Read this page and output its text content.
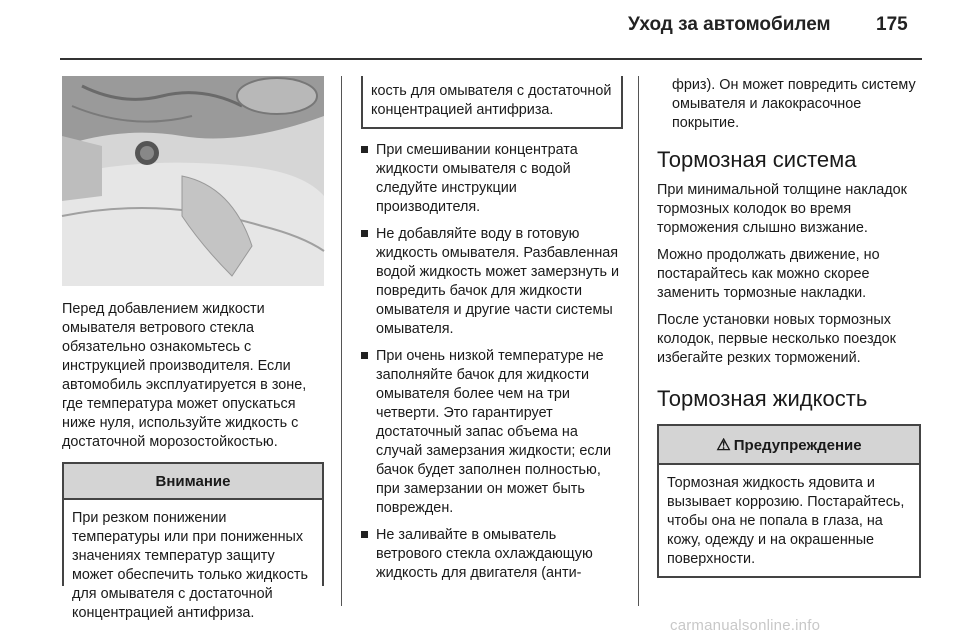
Уход за автомобилем 175

Перед добавлением жидкости омывателя ветрового стекла обязательно ознакомьтесь с инструкцией производителя. Если автомобиль эксплуатируется в зоне, где температура может опускаться ниже нуля, используйте жидкость с достаточной морозостойкостью.

Внимание
При резком понижении температуры или при пониженных значениях температур защиту может обеспечить только жидкость для омывателя с достаточной концентрацией антифриза.
кость для омывателя с достаточной концентрацией антифриза.
При смешивании концентрата жидкости омывателя с водой следуйте инструкции производителя.
Не добавляйте воду в готовую жидкость омывателя. Разбавленная водой жидкость может замерзнуть и повредить бачок для жидкости омывателя и другие части системы омывателя.
При очень низкой температуре не заполняйте бачок для жидкости омывателя более чем на три четверти. Это гарантирует достаточный запас объема на случай замерзания жидкости; если бачок будет заполнен полностью, при замерзании он может быть поврежден.
Не заливайте в омыватель ветрового стекла охлаждающую жидкость для двигателя (анти-

фриз). Он может повредить систему омывателя и лакокрасочное покрытие.

Тормозная система

При минимальной толщине накладок тормозных колодок во время торможения слышно визжание.

Можно продолжать движение, но постарайтесь как можно скорее заменить тормозные накладки.

После установки новых тормозных колодок, первые несколько поездок избегайте резких торможений.

Тормозная жидкость
⚠ Предупреждение
Тормозная жидкость ядовита и вызывает коррозию. Постарайтесь, чтобы она не попала в глаза, на кожу, одежду и на окрашенные поверхности.
carmanualsonline.info
